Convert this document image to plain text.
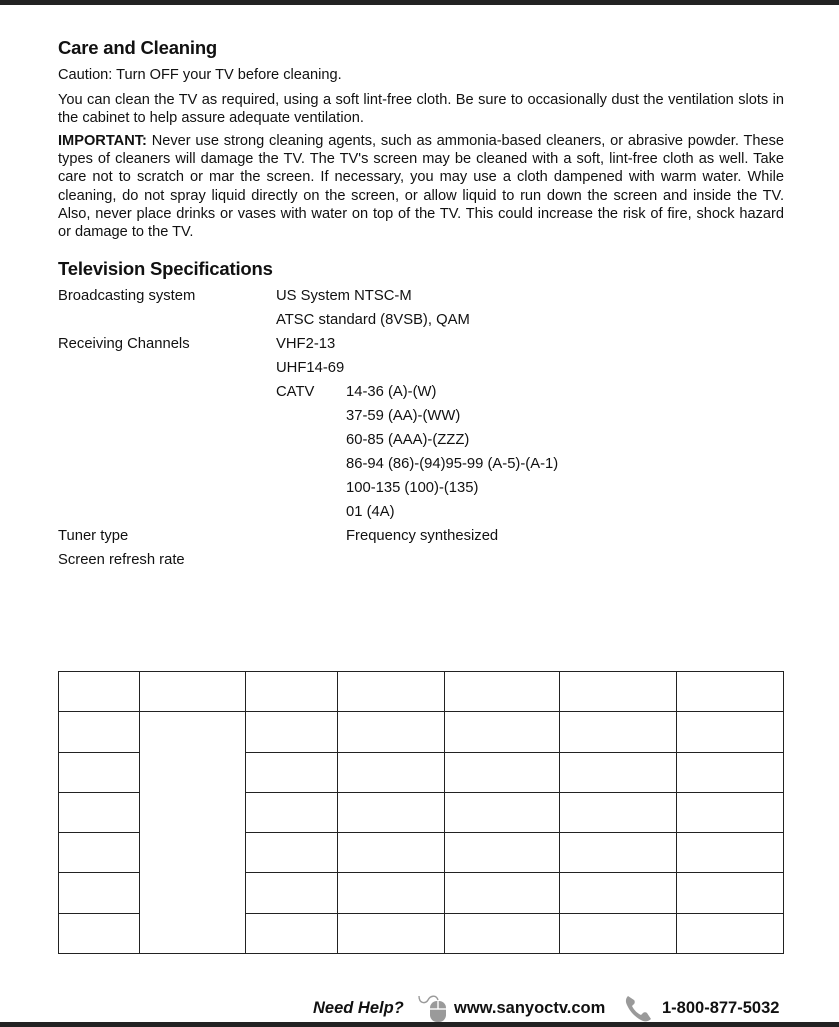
Care and Cleaning
Caution: Turn OFF your TV before cleaning.
You can clean the TV as required, using a soft lint-free cloth. Be sure to occasionally dust the ventilation slots in the cabinet to help assure adequate ventilation.
IMPORTANT: Never use strong cleaning agents, such as ammonia-based cleaners, or abrasive powder. These types of cleaners will damage the TV. The TV's screen may be cleaned with a soft, lint-free cloth as well. Take care not to scratch or mar the screen. If necessary, you may use a cloth dampened with warm water. While cleaning, do not spray liquid directly on the screen, or allow liquid to run down the screen and inside the TV. Also, never place drinks or vases with water on top of the TV. This could increase the risk of fire, shock hazard or damage to the TV.
Television Specifications
Broadcasting system	US System NTSC-M
ATSC standard (8VSB), QAM
Receiving Channels	VHF2-13
UHF14-69
CATV 14-36 (A)-(W)
37-59 (AA)-(WW)
60-85 (AAA)-(ZZZ)
86-94 (86)-(94)95-99 (A-5)-(A-1)
100-135 (100)-(135)
01 (4A)
Tuner type	Frequency synthesized
Screen refresh rate

Need Help?	www.sanyoctv.com	1-800-877-5032
